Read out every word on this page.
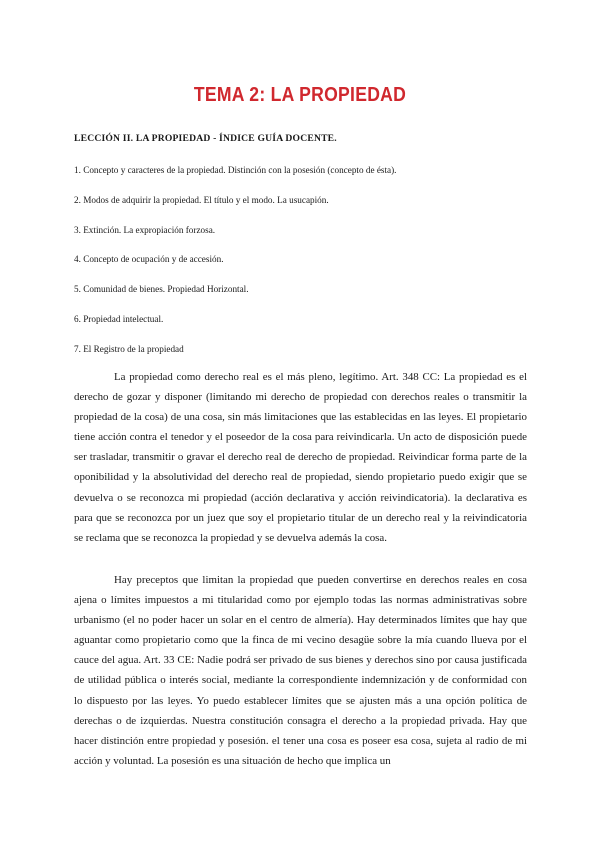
TEMA 2: LA PROPIEDAD
LECCIÓN II. LA PROPIEDAD - ÍNDICE GUÍA DOCENTE.
1. Concepto y caracteres de la propiedad. Distinción con la posesión (concepto de ésta).
2. Modos de adquirir la propiedad. El título y el modo. La usucapión.
3. Extinción. La expropiación forzosa.
4. Concepto de ocupación y de accesión.
5. Comunidad de bienes. Propiedad Horizontal.
6. Propiedad intelectual.
7. El Registro de la propiedad

La propiedad como derecho real es el más pleno, legítimo. Art. 348 CC: La propiedad es el derecho de gozar y disponer (limitando mi derecho de propiedad con derechos reales o transmitir la propiedad de la cosa) de una cosa, sin más limitaciones que las establecidas en las leyes. El propietario tiene acción contra el tenedor y el poseedor de la cosa para reivindicarla. Un acto de disposición puede ser trasladar, transmitir o gravar el derecho real de derecho de propiedad. Reivindicar forma parte de la oponibilidad y la absolutividad del derecho real de propiedad, siendo propietario puedo exigir que se devuelva o se reconozca mi propiedad (acción declarativa y acción reivindicatoria). la declarativa es para que se reconozca por un juez que soy el propietario titular de un derecho real y la reivindicatoria se reclama que se reconozca la propiedad y se devuelva además la cosa.

Hay preceptos que limitan la propiedad que pueden convertirse en derechos reales en cosa ajena o límites impuestos a mi titularidad como por ejemplo todas las normas administrativas sobre urbanismo (el no poder hacer un solar en el centro de almería). Hay determinados límites que hay que aguantar como propietario como que la finca de mi vecino desagüe sobre la mía cuando llueva por el cauce del agua. Art. 33 CE: Nadie podrá ser privado de sus bienes y derechos sino por causa justificada de utilidad pública o interés social, mediante la correspondiente indemnización y de conformidad con lo dispuesto por las leyes. Yo puedo establecer límites que se ajusten más a una opción política de derechas o de izquierdas. Nuestra constitución consagra el derecho a la propiedad privada. Hay que hacer distinción entre propiedad y posesión. el tener una cosa es poseer esa cosa, sujeta al radio de mi acción y voluntad. La posesión es una situación de hecho que implica un
